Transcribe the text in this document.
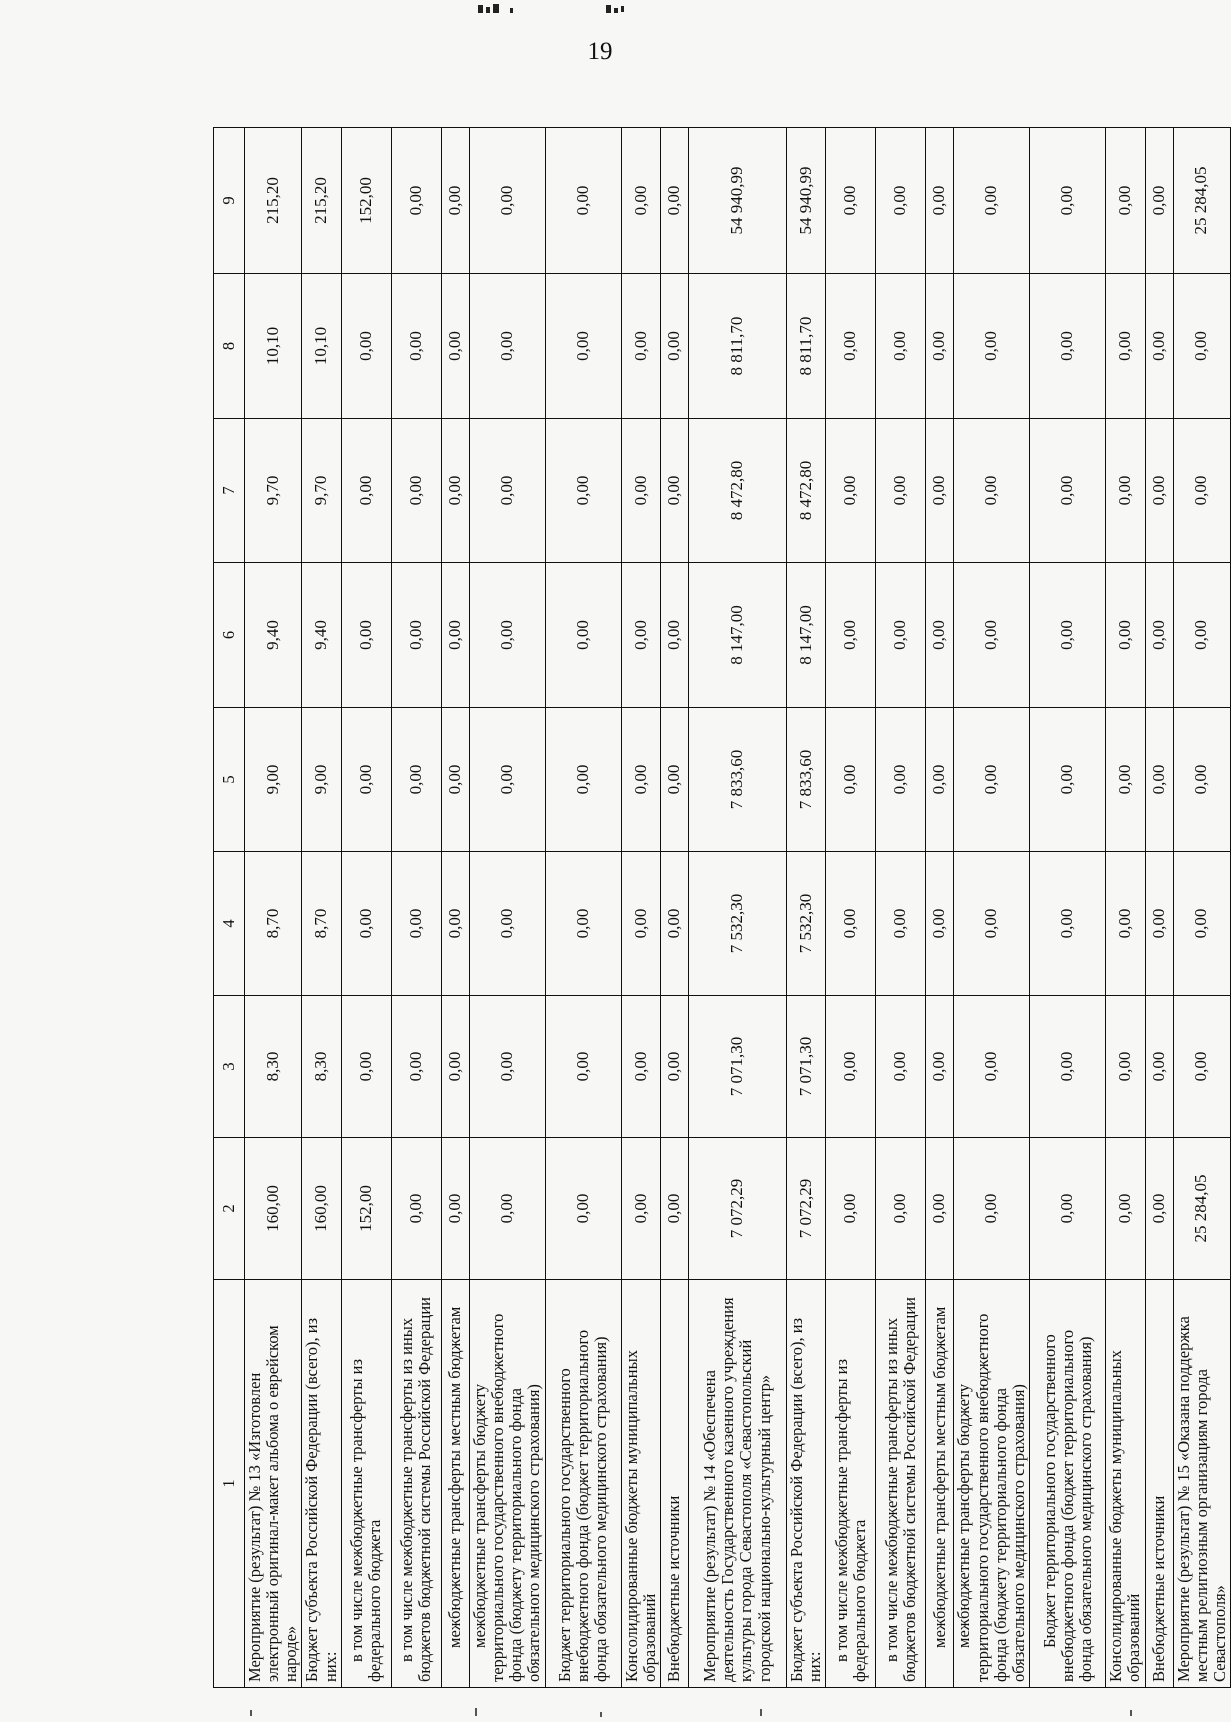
19
1	2	3	4	5	6	7	8	9
Мероприятие (результат) № 13 «Изготовлен электронный оригинал-макет альбома о еврейском народе»	160,00	8,30	8,70	9,00	9,40	9,70	10,10	215,20
Бюджет субъекта Российской Федерации (всего), из них:	160,00	8,30	8,70	9,00	9,40	9,70	10,10	215,20
в том числе межбюджетные трансферты из федерального бюджета	152,00	0,00	0,00	0,00	0,00	0,00	0,00	152,00
в том числе межбюджетные трансферты из иных бюджетов бюджетной системы Российской Федерации	0,00	0,00	0,00	0,00	0,00	0,00	0,00	0,00
межбюджетные трансферты местным бюджетам	0,00	0,00	0,00	0,00	0,00	0,00	0,00	0,00
межбюджетные трансферты бюджету территориального государственного внебюджетного фонда (бюджету территориального фонда обязательного медицинского страхования)	0,00	0,00	0,00	0,00	0,00	0,00	0,00	0,00
Бюджет территориального государственного внебюджетного фонда (бюджет территориального фонда обязательного медицинского страхования)	0,00	0,00	0,00	0,00	0,00	0,00	0,00	0,00
Консолидированные бюджеты муниципальных образований	0,00	0,00	0,00	0,00	0,00	0,00	0,00	0,00
Внебюджетные источники	0,00	0,00	0,00	0,00	0,00	0,00	0,00	0,00
Мероприятие (результат) № 14 «Обеспечена деятельность Государственного казенного учреждения культуры города Севастополя «Севастопольский городской национально-культурный центр»	7 072,29	7 071,30	7 532,30	7 833,60	8 147,00	8 472,80	8 811,70	54 940,99
Бюджет субъекта Российской Федерации (всего), из них:	7 072,29	7 071,30	7 532,30	7 833,60	8 147,00	8 472,80	8 811,70	54 940,99
в том числе межбюджетные трансферты из федерального бюджета	0,00	0,00	0,00	0,00	0,00	0,00	0,00	0,00
в том числе межбюджетные трансферты из иных бюджетов бюджетной системы Российской Федерации	0,00	0,00	0,00	0,00	0,00	0,00	0,00	0,00
межбюджетные трансферты местным бюджетам	0,00	0,00	0,00	0,00	0,00	0,00	0,00	0,00
межбюджетные трансферты бюджету территориального государственного внебюджетного фонда (бюджету территориального фонда обязательного медицинского страхования)	0,00	0,00	0,00	0,00	0,00	0,00	0,00	0,00
Бюджет территориального государственного внебюджетного фонда (бюджет территориального фонда обязательного медицинского страхования)	0,00	0,00	0,00	0,00	0,00	0,00	0,00	0,00
Консолидированные бюджеты муниципальных образований	0,00	0,00	0,00	0,00	0,00	0,00	0,00	0,00
Внебюджетные источники	0,00	0,00	0,00	0,00	0,00	0,00	0,00	0,00
Мероприятие (результат) № 15 «Оказана поддержка местным религиозным организациям города Севастополя»	25 284,05	0,00	0,00	0,00	0,00	0,00	0,00	25 284,05
